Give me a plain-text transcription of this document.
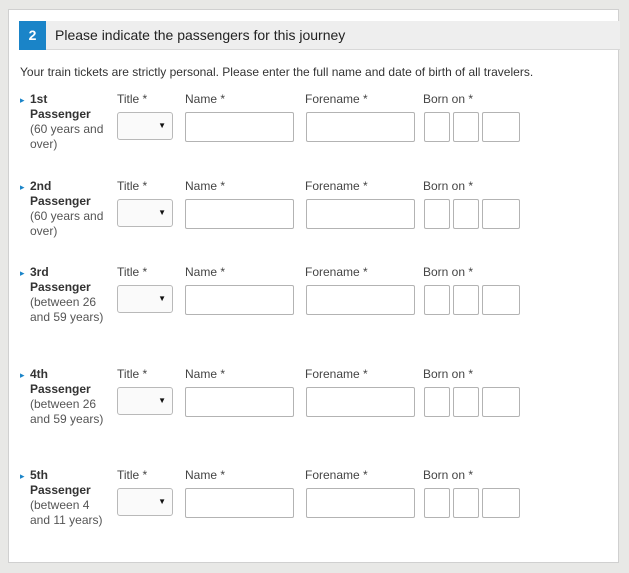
2	Please indicate the passengers for this journey
Your train tickets are strictly personal. Please enter the full name and date of birth of all travelers.
▸ 1st
Passenger
(60 years and over)
Title *	Name *	Forename *	Born on *
▼
▸ 2nd
Passenger
(60 years and over)
Title *	Name *	Forename *	Born on *
▼
▸ 3rd
Passenger
(between 26 and 59 years)
Title *	Name *	Forename *	Born on *
▼
▸ 4th
Passenger
(between 26 and 59 years)
Title *	Name *	Forename *	Born on *
▼
▸ 5th
Passenger
(between 4 and 11 years)
Title *	Name *	Forename *	Born on *
▼
